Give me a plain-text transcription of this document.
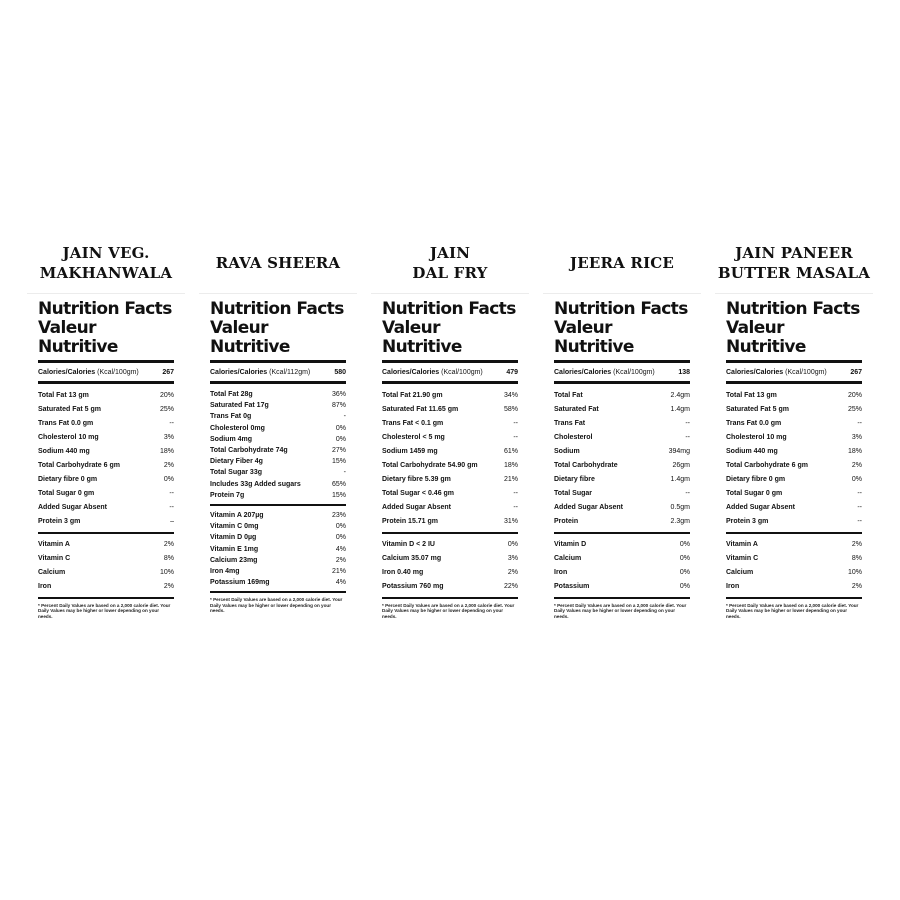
JAIN VEG.
MAKHANWALA
Nutrition Facts
Valeur Nutritive
Calories/Calories (Kcal/100gm)	267
Total Fat 13 gm	20%
Saturated Fat 5 gm	25%
Trans Fat 0.0 gm	--
Cholesterol 10 mg	3%
Sodium 440 mg	18%
Total Carbohydrate 6 gm	2%
Dietary fibre 0 gm	0%
Total Sugar 0 gm	--
Added Sugar Absent	--
Protein 3 gm	–
Vitamin A	2%
Vitamin C	8%
Calcium	10%
Iron	2%
* Percent Daily Values are based on a 2,000 calorie diet. Your Daily Values may be higher or lower depending on your needs.
RAVA SHEERA
Nutrition Facts
Valeur Nutritive
Calories/Calories (Kcal/112gm)	580
Total Fat 28g	36%
Saturated Fat 17g	87%
Trans Fat 0g	-
Cholesterol 0mg	0%
Sodium 4mg	0%
Total Carbohydrate 74g	27%
Dietary Fiber 4g	15%
Total Sugar 33g	-
Includes 33g Added sugars	65%
Protein 7g	15%
Vitamin A 207µg	23%
Vitamin C 0mg	0%
Vitamin D 0µg	0%
Vitamin E 1mg	4%
Calcium 23mg	2%
Iron 4mg	21%
Potassium 169mg	4%
* Percent Daily Values are based on a 2,000 calorie diet. Your Daily Values may be higher or lower depending on your needs.
JAIN
DAL FRY
Nutrition Facts
Valeur Nutritive
Calories/Calories (Kcal/100gm)	479
Total Fat 21.90 gm	34%
Saturated Fat 11.65 gm	58%
Trans Fat < 0.1 gm	--
Cholesterol < 5 mg	--
Sodium 1459 mg	61%
Total Carbohydrate 54.90 gm	18%
Dietary fibre 5.39 gm	21%
Total Sugar < 0.46 gm	--
Added Sugar Absent	--
Protein 15.71 gm	31%
Vitamin D < 2 IU	0%
Calcium 35.07 mg	3%
Iron 0.40 mg	2%
Potassium 760 mg	22%
* Percent Daily Values are based on a 2,000 calorie diet. Your Daily Values may be higher or lower depending on your needs.
JEERA RICE
Nutrition Facts
Valeur Nutritive
Calories/Calories (Kcal/100gm)	138
Total Fat	2.4gm
Saturated Fat	1.4gm
Trans Fat	--
Cholesterol	--
Sodium	394mg
Total Carbohydrate	26gm
Dietary fibre	1.4gm
Total Sugar	--
Added Sugar Absent	0.5gm
Protein	2.3gm
Vitamin D	0%
Calcium	0%
Iron	0%
Potassium	0%
* Percent Daily Values are based on a 2,000 calorie diet. Your Daily Values may be higher or lower depending on your needs.
JAIN PANEER
BUTTER MASALA
Nutrition Facts
Valeur Nutritive
Calories/Calories (Kcal/100gm)	267
Total Fat 13 gm	20%
Saturated Fat 5 gm	25%
Trans Fat 0.0 gm	--
Cholesterol 10 mg	3%
Sodium 440 mg	18%
Total Carbohydrate 6 gm	2%
Dietary fibre 0 gm	0%
Total Sugar 0 gm	--
Added Sugar Absent	--
Protein 3 gm	--
Vitamin A	2%
Vitamin C	8%
Calcium	10%
Iron	2%
* Percent Daily Values are based on a 2,000 calorie diet. Your Daily Values may be higher or lower depending on your needs.
